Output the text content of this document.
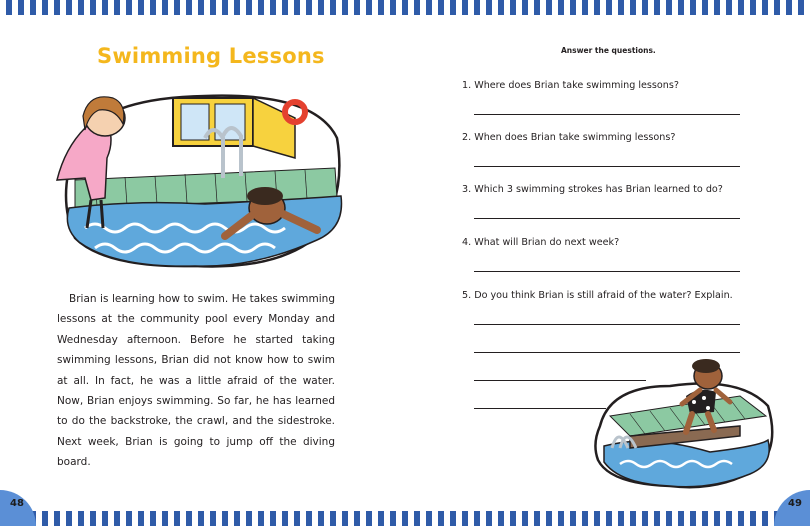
Swimming Lessons

Brian is learning how to swim. He takes swimming lessons at the community pool every Monday and Wednesday afternoon. Before he started taking swimming lessons, Brian did not know how to swim at all. In fact, he was a little afraid of the water. Now, Brian enjoys swimming. So far, he has learned to do the backstroke, the crawl, and the sidestroke. Next week, Brian is going to jump off the diving board.

48
Answer the questions.
1. Where does Brian take swimming lessons?
2. When does Brian take swimming lessons?
3. Which 3 swimming strokes has Brian learned to do?
4. What will Brian do next week?
5. Do you think Brian is still afraid of the water? Explain.
49
